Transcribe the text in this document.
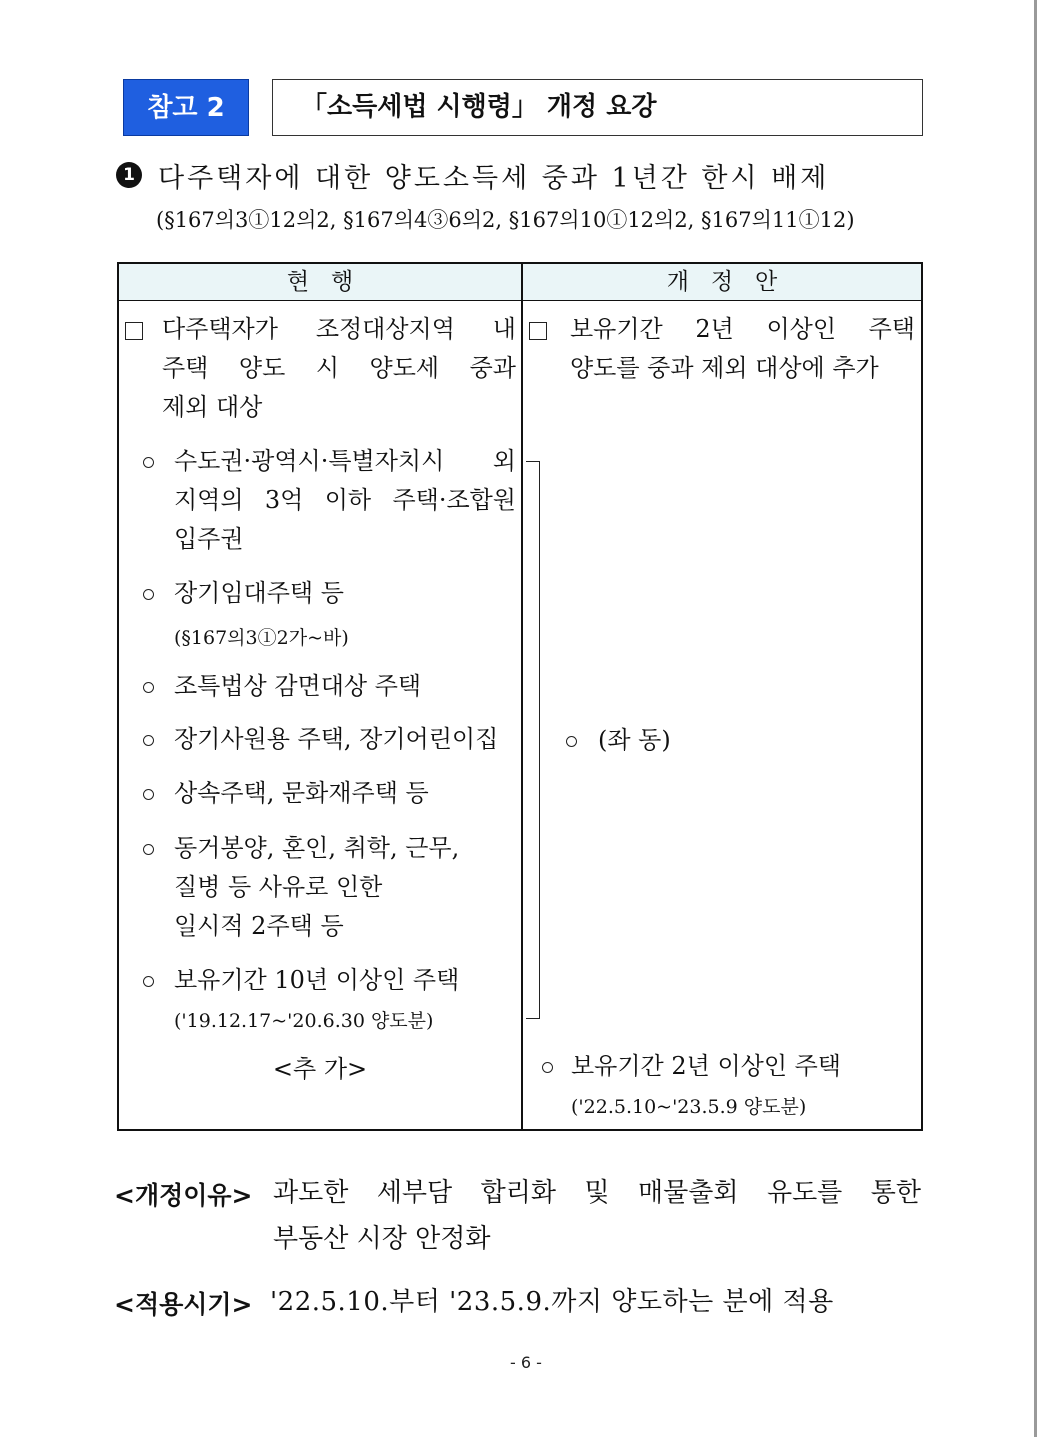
참고 2	「소득세법 시행령」 개정 요강
1 다주택자에 대한 양도소득세 중과 1년간 한시 배제
(§167의3①12의2, §167의4③6의2, §167의10①12의2, §167의11①12)
현   행	개   정   안
다주택자가 조정대상지역 내
주택 양도 시 양도세 중과
제외 대상
수도권·광역시·특별자치시 외
지역의 3억 이하 주택·조합원
입주권
장기임대주택 등
(§167의3①2가~바)
조특법상 감면대상 주택
장기사원용 주택, 장기어린이집
상속주택, 문화재주택 등
동거봉양, 혼인, 취학, 근무,
질병 등 사유로 인한
일시적 2주택 등
보유기간 10년 이상인 주택
('19.12.17~'20.6.30 양도분)
<추 가>
보유기간 2년 이상인 주택
양도를 중과 제외 대상에 추가
(좌 동)
보유기간 2년 이상인 주택
('22.5.10~'23.5.9 양도분)
<개정이유> 과도한 세부담 합리화 및 매물출회 유도를 통한
부동산 시장 안정화
<적용시기> '22.5.10.부터 '23.5.9.까지 양도하는 분에 적용
- 6 -
